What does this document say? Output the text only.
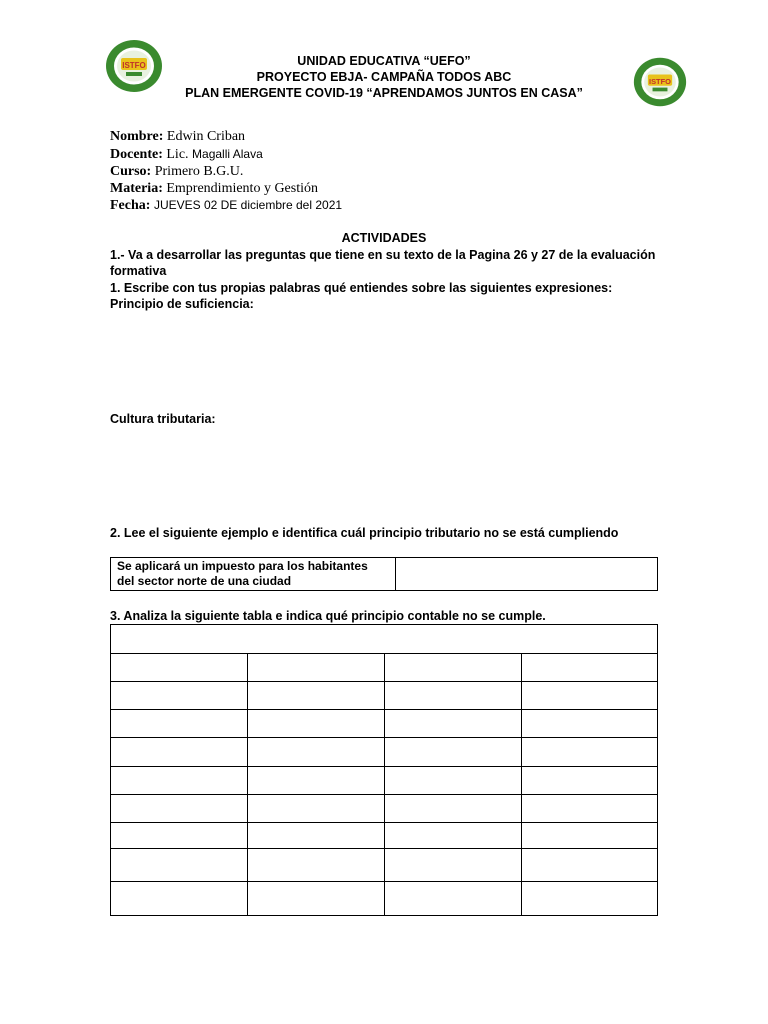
ISTFO
ISTFO
UNIDAD EDUCATIVA “UEFO”
PROYECTO EBJA- CAMPAÑA TODOS ABC
PLAN EMERGENTE COVID-19 “APRENDAMOS JUNTOS EN CASA”
Nombre: Edwin Criban
Docente: Lic. Magalli Alava
Curso: Primero B.G.U.
Materia: Emprendimiento y Gestión
Fecha: JUEVES 02 DE diciembre del 2021
ACTIVIDADES
1.- Va a desarrollar las preguntas que tiene en su texto de la Pagina 26 y 27 de la evaluación
formativa
1. Escribe con tus propias palabras qué entiendes sobre las siguientes expresiones:
Principio de suficiencia:
Cultura tributaria:
2. Lee el siguiente ejemplo e identifica cuál principio tributario no se está cumpliendo
Se aplicará un impuesto para los habitantes
del sector norte de una ciudad

3. Analiza la siguiente tabla e indica qué principio contable no se cumple.
